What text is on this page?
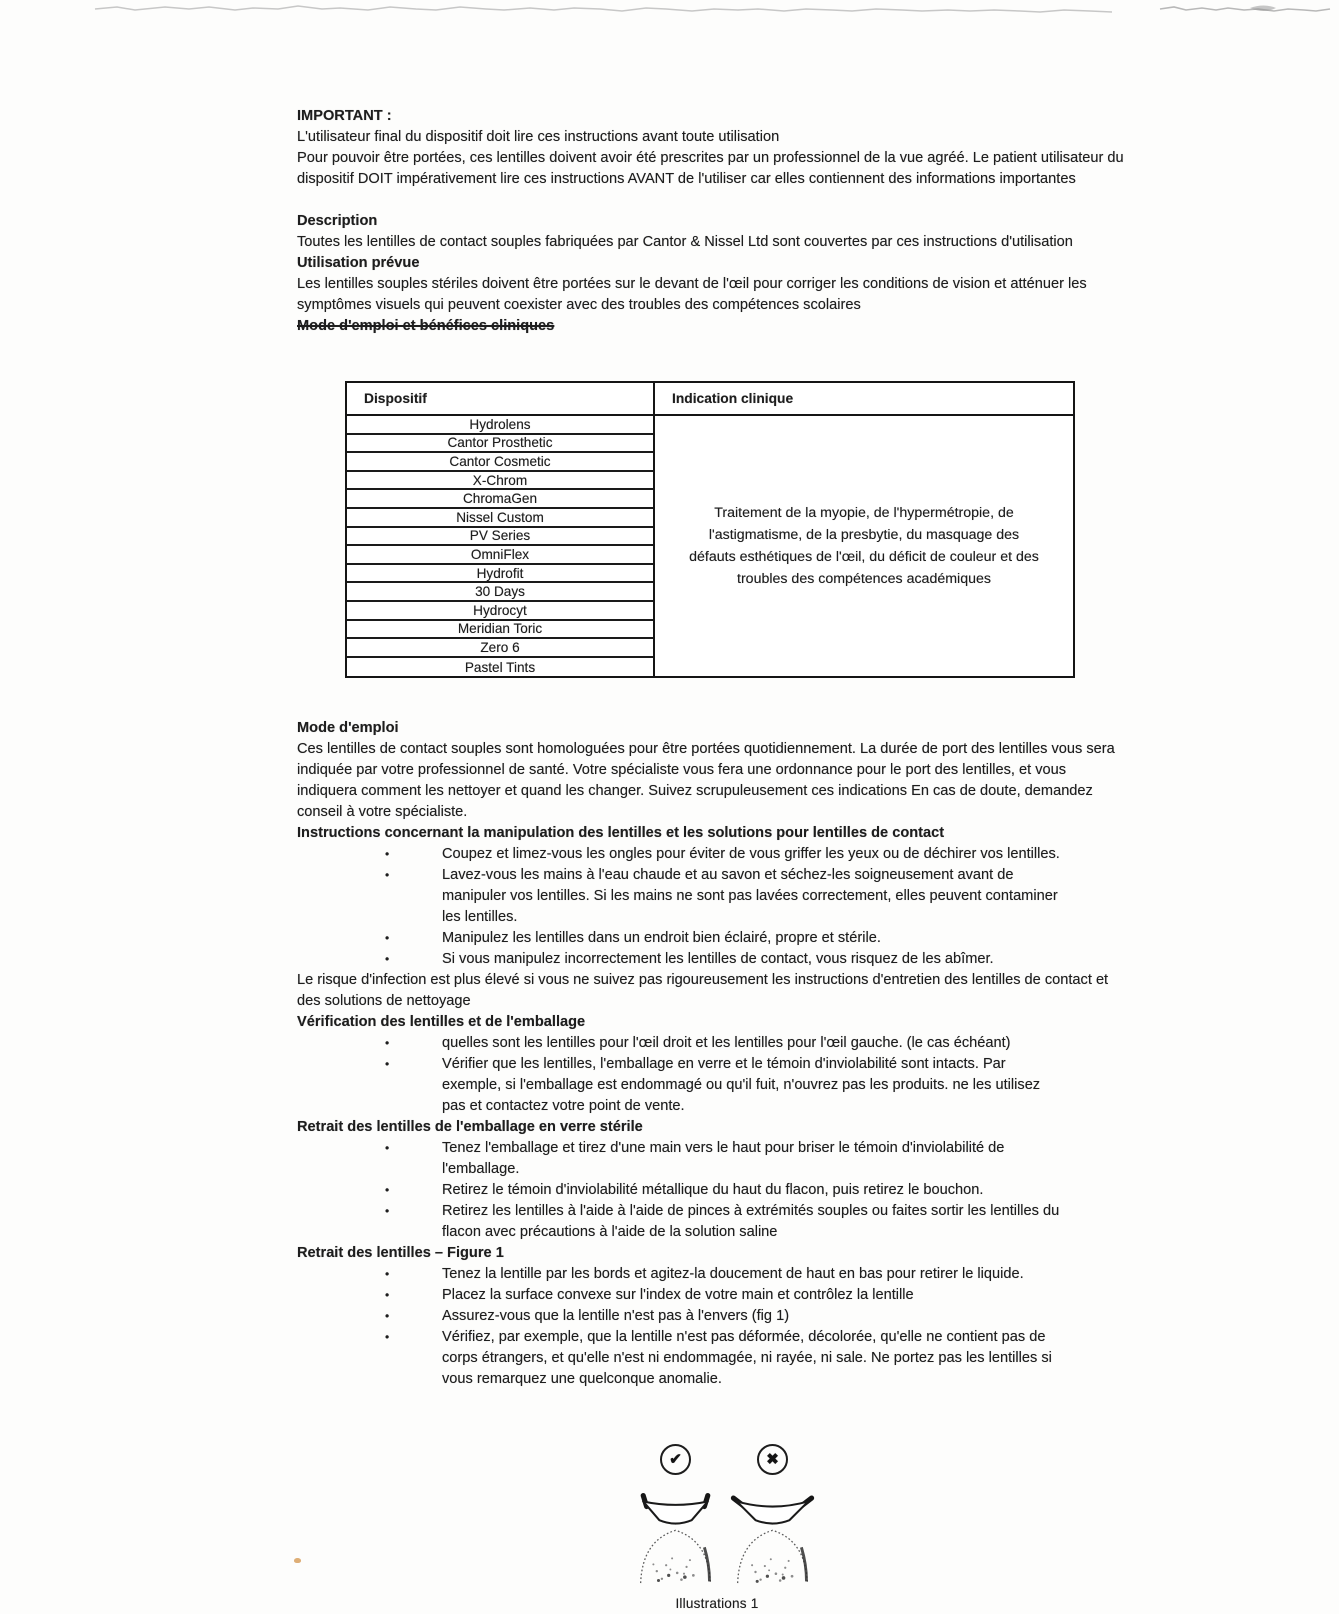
IMPORTANT :

L'utilisateur final du dispositif doit lire ces instructions avant toute utilisation

Pour pouvoir être portées, ces lentilles doivent avoir été prescrites par un professionnel de la vue agréé. Le patient utilisateur du dispositif DOIT impérativement lire ces instructions AVANT de l'utiliser car elles contiennent des informations importantes

Description

Toutes les lentilles de contact souples fabriquées par Cantor & Nissel Ltd sont couvertes par ces instructions d'utilisation

Utilisation prévue

Les lentilles souples stériles doivent être portées sur le devant de l'œil pour corriger les conditions de vision et atténuer les symptômes visuels qui peuvent coexister avec des troubles des compétences scolaires

Mode d'emploi et bénéfices cliniques
Dispositif	Indication clinique
Hydrolens
Cantor Prosthetic
Cantor Cosmetic
X-Chrom
ChromaGen
Nissel Custom
PV Series
OmniFlex
Hydrofit
30 Days
Hydrocyt
Meridian Toric
Zero 6
Pastel Tints
Traitement de la myopie, de l'hypermétropie, de l'astigmatisme, de la presbytie, du masquage des défauts esthétiques de l'œil, du déficit de couleur et des troubles des compétences académiques
Mode d'emploi

Ces lentilles de contact souples sont homologuées pour être portées quotidiennement. La durée de port des lentilles vous sera indiquée par votre professionnel de santé. Votre spécialiste vous fera une ordonnance pour le port des lentilles, et vous indiquera comment les nettoyer et quand les changer. Suivez scrupuleusement ces indications En cas de doute, demandez conseil à votre spécialiste.

Instructions concernant la manipulation des lentilles et les solutions pour lentilles de contact
•	Coupez et limez-vous les ongles pour éviter de vous griffer les yeux ou de déchirer vos lentilles.
•	Lavez-vous les mains à l'eau chaude et au savon et séchez-les soigneusement avant de manipuler vos lentilles. Si les mains ne sont pas lavées correctement, elles peuvent contaminer les lentilles.
•	Manipulez les lentilles dans un endroit bien éclairé, propre et stérile.
•	Si vous manipulez incorrectement les lentilles de contact, vous risquez de les abîmer.

Le risque d'infection est plus élevé si vous ne suivez pas rigoureusement les instructions d'entretien des lentilles de contact et des solutions de nettoyage

Vérification des lentilles et de l'emballage
•	quelles sont les lentilles pour l'œil droit et les lentilles pour l'œil gauche. (le cas échéant)
•	Vérifier que les lentilles, l'emballage en verre et le témoin d'inviolabilité sont intacts. Par exemple, si l'emballage est endommagé ou qu'il fuit, n'ouvrez pas les produits. ne les utilisez pas et contactez votre point de vente.
Retrait des lentilles de l'emballage en verre stérile
•	Tenez l'emballage et tirez d'une main vers le haut pour briser le témoin d'inviolabilité de l'emballage.
•	Retirez le témoin d'inviolabilité métallique du haut du flacon, puis retirez le bouchon.
•	Retirez les lentilles à l'aide à l'aide de pinces à extrémités souples ou faites sortir les lentilles du flacon avec précautions à l'aide de la solution saline
Retrait des lentilles – Figure 1
•	Tenez la lentille par les bords et agitez-la doucement de haut en bas pour retirer le liquide.
•	Placez la surface convexe sur l'index de votre main et contrôlez la lentille
•	Assurez-vous que la lentille n'est pas à l'envers (fig 1)
•	Vérifiez, par exemple, que la lentille n'est pas déformée, décolorée, qu'elle ne contient pas de corps étrangers, et qu'elle n'est ni endommagée, ni rayée, ni sale. Ne portez pas les lentilles si vous remarquez une quelconque anomalie.
✔	✖
Illustrations 1
